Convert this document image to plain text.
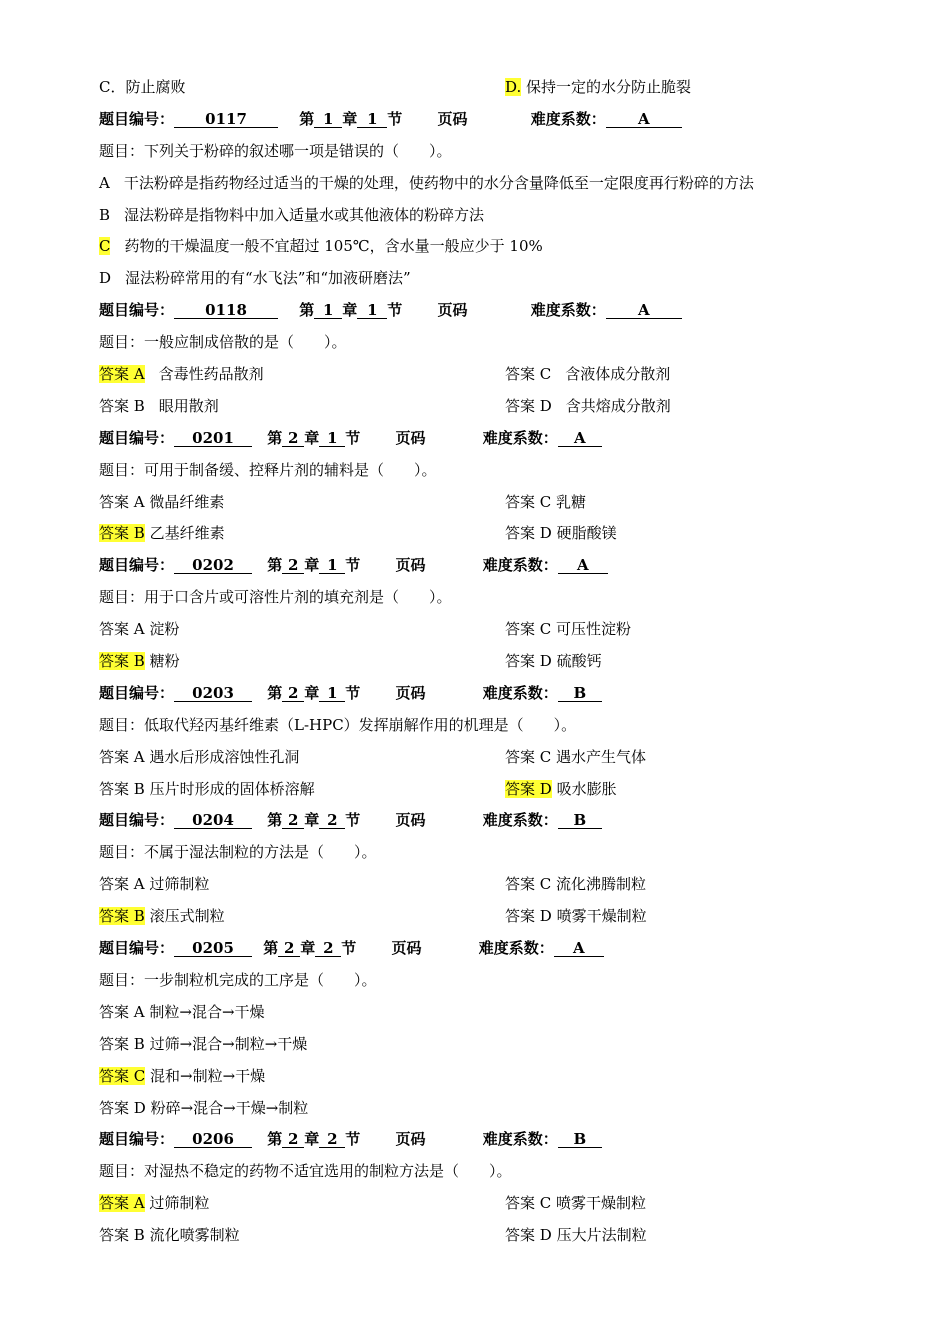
C．防止腐败	D. 保持一定的水分防止脆裂
题目编号： 0117	第 1 章 1 节 页码	难度系数： A
题目：下列关于粉碎的叙述哪一项是错误的（　　）。
A 干法粉碎是指药物经过适当的干燥的处理，使药物中的水分含量降低至一定限度再行粉碎的方法
B 湿法粉碎是指物料中加入适量水或其他液体的粉碎方法
C 药物的干燥温度一般不宜超过 105℃，含水量一般应少于 10%
D 湿法粉碎常用的有“水飞法”和“加液研磨法”
题目编号： 0118	第 1 章 1 节 页码	难度系数： A
题目：一般应制成倍散的是（　　）。
答案 A 含毒性药品散剂	答案 C 含液体成分散剂
答案 B 眼用散剂	答案 D 含共熔成分散剂
题目编号： 0201 第 2 章 1 节 页码	难度系数： A
题目：可用于制备缓、控释片剂的辅料是（　　）。
答案 A 微晶纤维素	答案 C 乳糖
答案 B 乙基纤维素	答案 D 硬脂酸镁
题目编号： 0202 第 2 章 1 节 页码	难度系数： A
题目：用于口含片或可溶性片剂的填充剂是（　　）。
答案 A 淀粉	答案 C 可压性淀粉
答案 B 糖粉	答案 D 硫酸钙
题目编号： 0203 第 2 章 1 节 页码	难度系数： B
题目：低取代羟丙基纤维素（L-HPC）发挥崩解作用的机理是（　　）。
答案 A 遇水后形成溶蚀性孔洞	答案 C 遇水产生气体
答案 B 压片时形成的固体桥溶解	答案 D 吸水膨胀
题目编号： 0204 第 2 章 2 节 页码	难度系数： B
题目：不属于湿法制粒的方法是（　　）。
答案 A 过筛制粒	答案 C 流化沸腾制粒
答案 B 滚压式制粒	答案 D 喷雾干燥制粒
题目编号： 0205 第 2 章 2 节 页码	难度系数： A
题目：一步制粒机完成的工序是（　　）。
答案 A 制粒→混合→干燥
答案 B 过筛→混合→制粒→干燥
答案 C 混和→制粒→干燥
答案 D 粉碎→混合→干燥→制粒
题目编号： 0206 第 2 章 2 节 页码	难度系数： B
题目：对湿热不稳定的药物不适宜选用的制粒方法是（　　）。
答案 A 过筛制粒	答案 C 喷雾干燥制粒
答案 B 流化喷雾制粒	答案 D 压大片法制粒
